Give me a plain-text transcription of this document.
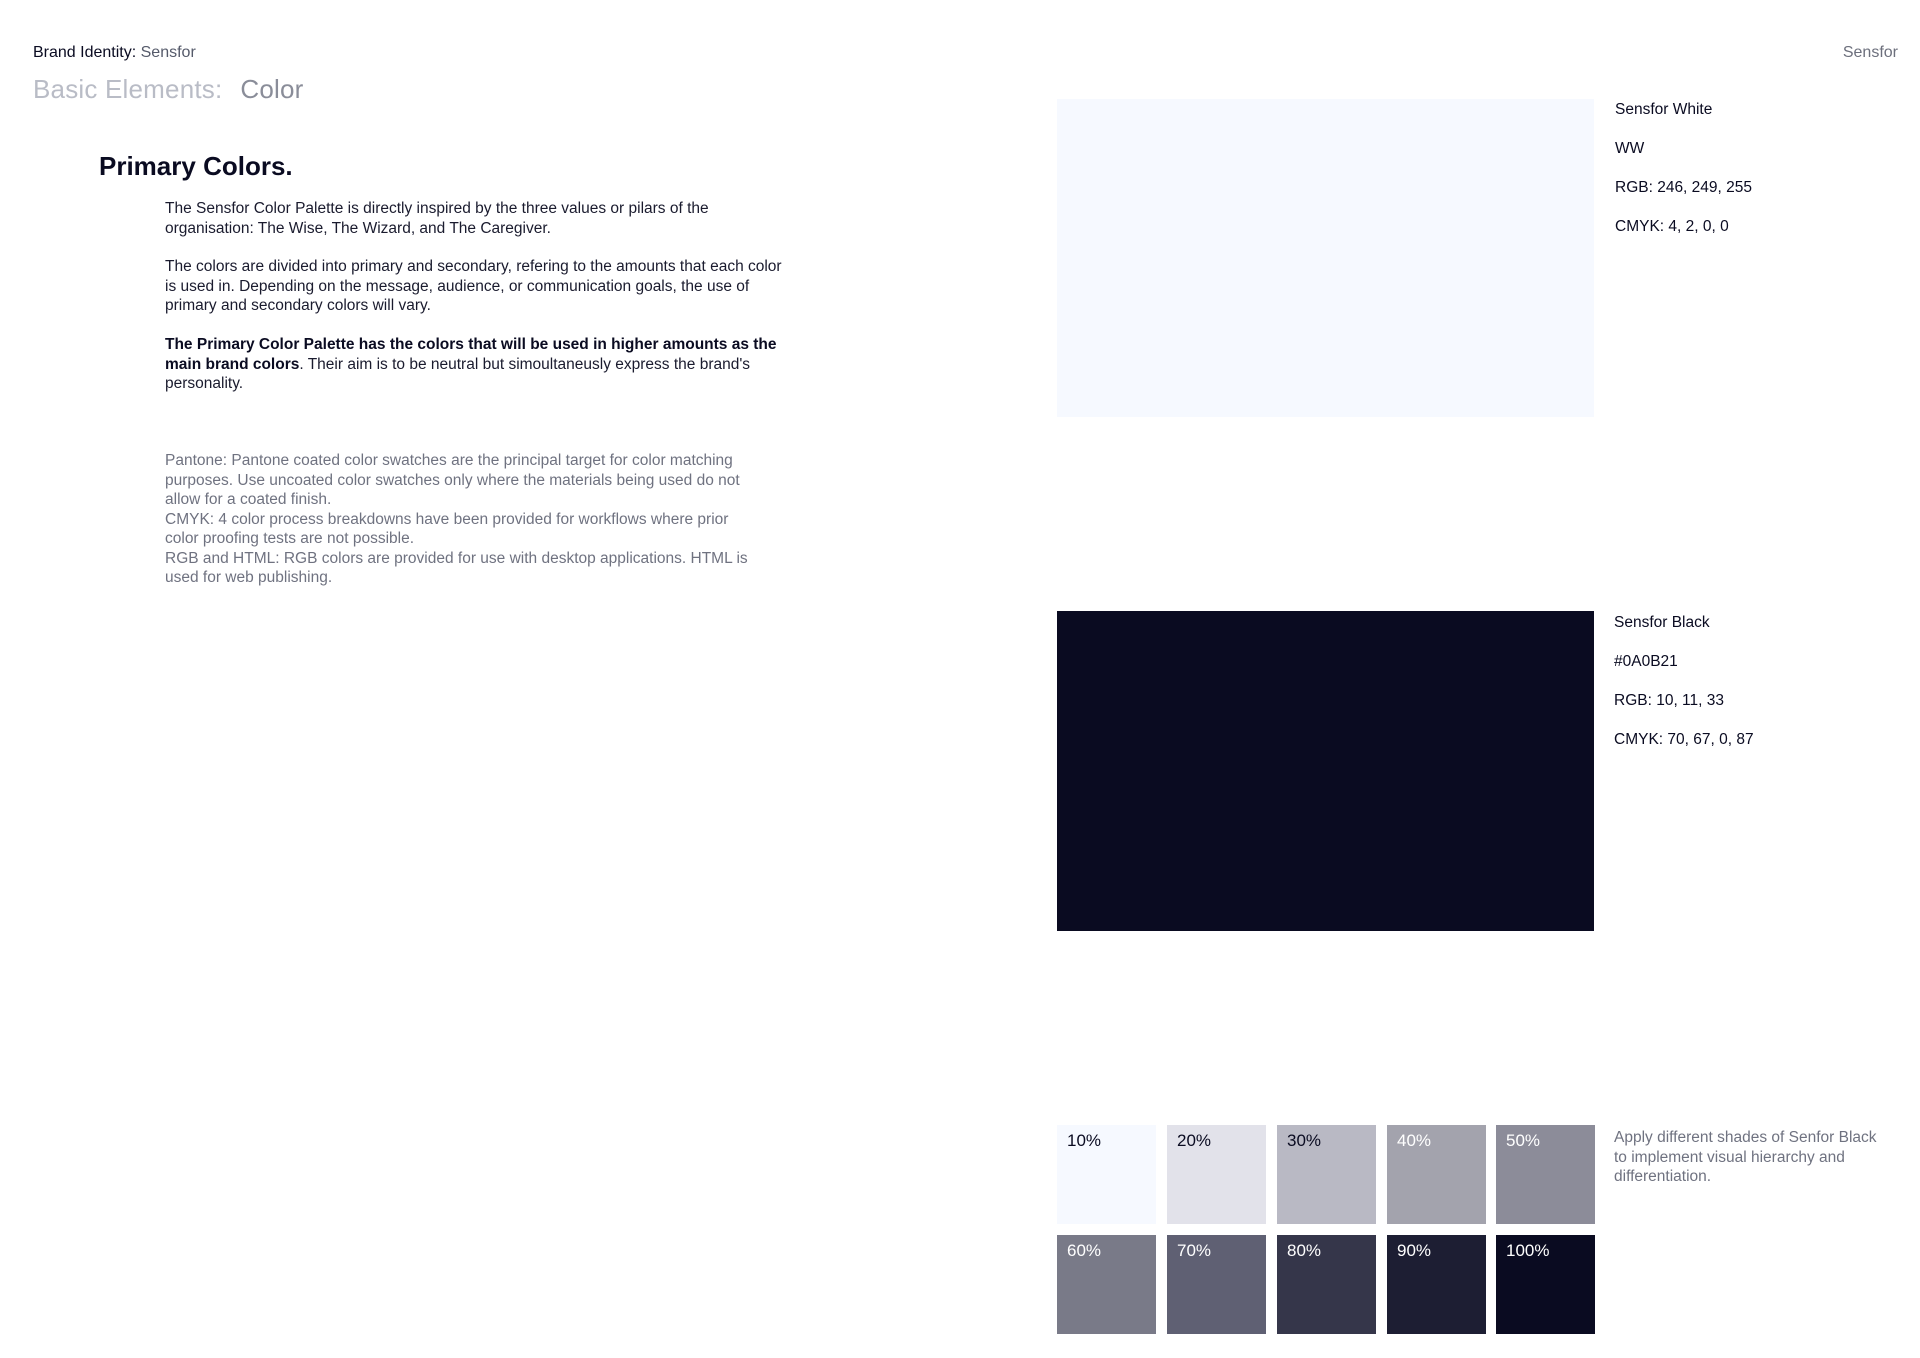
Brand Identity: Sensfor
Basic Elements: Color
Sensfor
Primary Colors.
The Sensfor Color Palette is directly inspired by the three values or pilars of the organisation: The Wise, The Wizard, and The Caregiver.
The colors are divided into primary and secondary, refering to the amounts that each color is used in. Depending on the message, audience, or communication goals, the use of primary and secondary colors will vary.
The Primary Color Palette has the colors that will be used in higher amounts as the main brand colors. Their aim is to be neutral but simoultaneusly express the brand's personality.
Pantone: Pantone coated color swatches are the principal target for color matching purposes. Use uncoated color swatches only where the materials being used do not allow for a coated finish.
CMYK: 4 color process breakdowns have been provided for workflows where prior color proofing tests are not possible.
RGB and HTML: RGB colors are provided for use with desktop applications. HTML is used for web publishing.
Sensfor White
WW
RGB: 246, 249, 255
CMYK: 4, 2, 0, 0
Sensfor Black
#0A0B21
RGB: 10, 11, 33
CMYK: 70, 67, 0, 87
10%	20%	30%	40%	50%
60%	70%	80%	90%	100%
Apply different shades of Senfor Black to implement visual hierarchy and differentiation.
